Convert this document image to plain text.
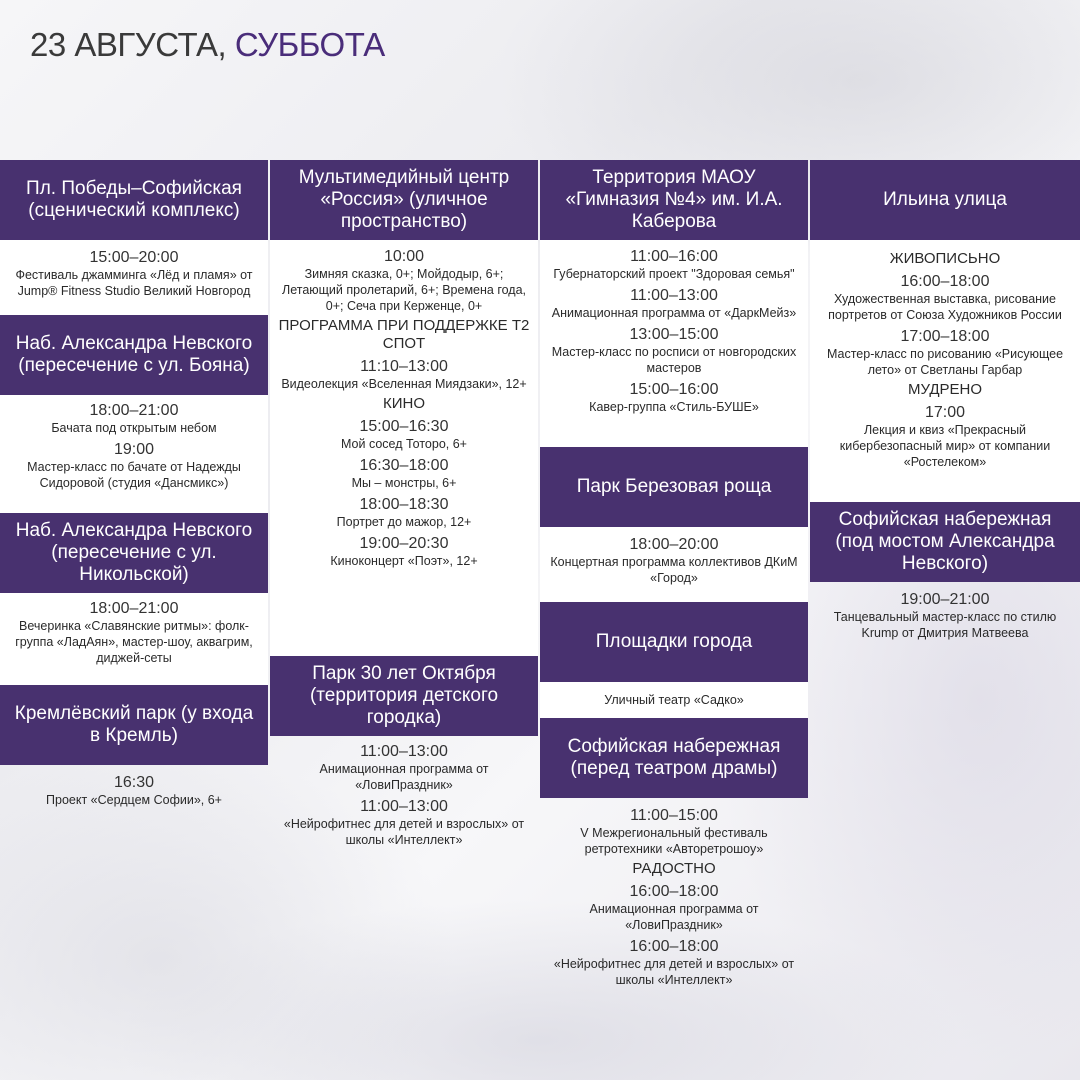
23 АВГУСТА, СУББОТА
Пл. Победы–Софийская (сценический комплекс)
15:00–20:00
Фестиваль джамминга «Лёд и пламя» от Jump® Fitness Studio Великий Новгород
Наб. Александра Невского (пересечение с ул. Бояна)
18:00–21:00
Бачата под открытым небом
19:00
Мастер-класс по бачате от Надежды Сидоровой (студия «Дансмикс»)
Наб. Александра Невского (пересечение с ул. Никольской)
18:00–21:00
Вечеринка «Славянские ритмы»: фолк-группа «ЛадАян», мастер-шоу, аквагрим, диджей-сеты
Кремлёвский парк (у входа в Кремль)
16:30
Проект «Сердцем Софии», 6+
Мультимедийный центр «Россия» (уличное пространство)
10:00
Зимняя сказка, 0+; Мойдодыр, 6+; Летающий пролетарий, 6+; Времена года, 0+; Сеча при Керженце, 0+
ПРОГРАММА ПРИ ПОДДЕРЖКЕ Т2 СПОТ
11:10–13:00
Видеолекция «Вселенная Миядзаки», 12+
КИНО
15:00–16:30
Мой сосед Тоторо, 6+
16:30–18:00
Мы – монстры, 6+
18:00–18:30
Портрет до мажор, 12+
19:00–20:30
Киноконцерт «Поэт», 12+
Парк 30 лет Октября (территория детского городка)
11:00–13:00
Анимационная программа от «ЛовиПраздник»
11:00–13:00
«Нейрофитнес для детей и взрослых» от школы «Интеллект»
Территория МАОУ «Гимназия №4» им. И.А. Каберова
11:00–16:00
Губернаторский проект "Здоровая семья"
11:00–13:00
Анимационная программа от «ДаркМейз»
13:00–15:00
Мастер-класс по росписи от новгородских мастеров
15:00–16:00
Кавер-группа «Стиль-БУШЕ»
Парк Березовая роща
18:00–20:00
Концертная программа коллективов ДКиМ «Город»
Площадки города
Уличный театр «Садко»
Софийская набережная (перед театром драмы)
11:00–15:00
V Межрегиональный фестиваль ретротехники «Авторетрошоу»
РАДОСТНО
16:00–18:00
Анимационная программа от «ЛовиПраздник»
16:00–18:00
«Нейрофитнес для детей и взрослых» от школы «Интеллект»
Ильина улица
ЖИВОПИСЬНО
16:00–18:00
Художественная выставка, рисование портретов от Союза Художников России
17:00–18:00
Мастер-класс по рисованию «Рисующее лето» от Светланы Гарбар
МУДРЕНО
17:00
Лекция и квиз «Прекрасный кибербезопасный мир» от компании «Ростелеком»
Софийская набережная (под мостом Александра Невского)
19:00–21:00
Танцевальный мастер-класс по стилю Krump от Дмитрия Матвеева
